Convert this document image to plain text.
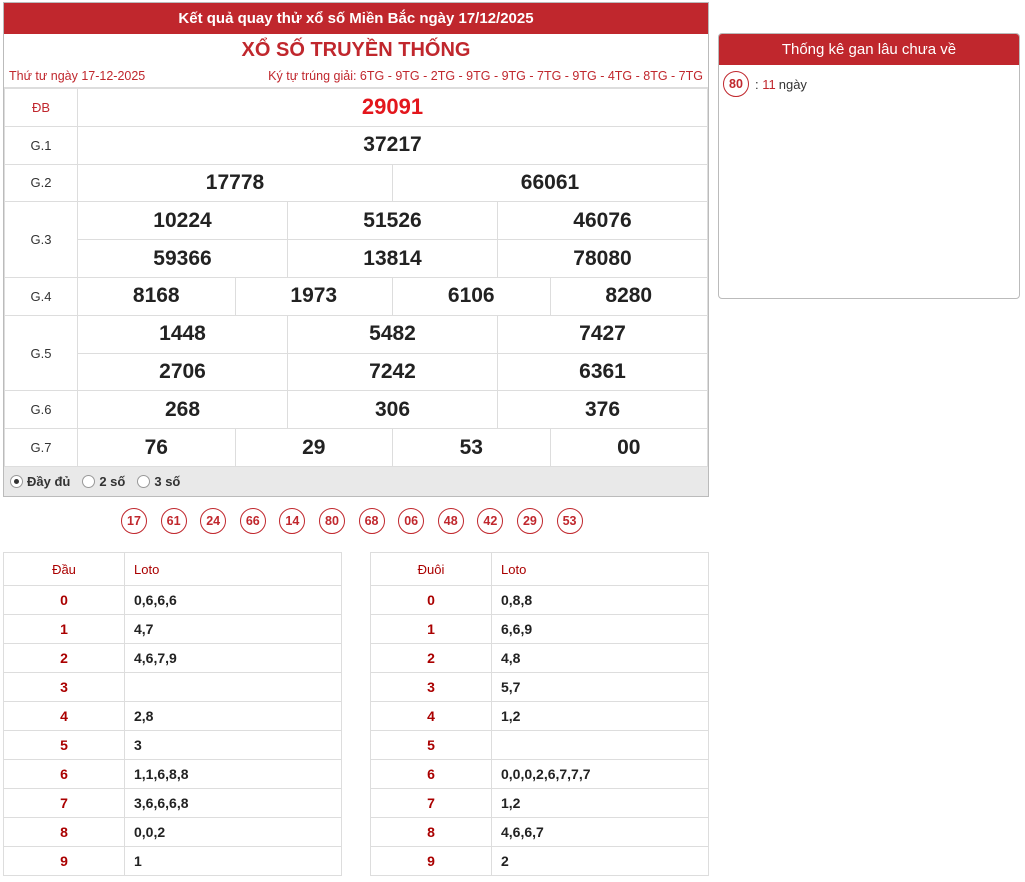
Kết quả quay thử xổ số Miền Bắc ngày 17/12/2025
XỔ SỐ TRUYỀN THỐNG
Thứ tư ngày 17-12-2025	Ký tự trúng giải: 6TG - 9TG - 2TG - 9TG - 9TG - 7TG - 9TG - 4TG - 8TG - 7TG
ĐB	29091
G.1	37217
G.2	17778 66061

G.3	10224 51526 46076

59366 13814 78080

G.4	8168 1973 6106 8280

G.5	1448 5482 7427

2706 7242 6361

G.6	268 306 376

G.7	76 29 53 00
Đầy đủ 2 số 3 số
17	61	24	66	14	80	68	06	48	42	29	53
Đầu	Loto
0	0,6,6,6
1	4,7
2	4,6,7,9
3	
4	2,8
5	3
6	1,1,6,8,8
7	3,6,6,6,8
8	0,0,2
9	1
Đuôi	Loto
0	0,8,8
1	6,6,9
2	4,8
3	5,7
4	1,2
5	
6	0,0,0,2,6,7,7,7
7	1,2
8	4,6,6,7
9	2
Thống kê gan lâu chưa về
80 : 11 ngày
